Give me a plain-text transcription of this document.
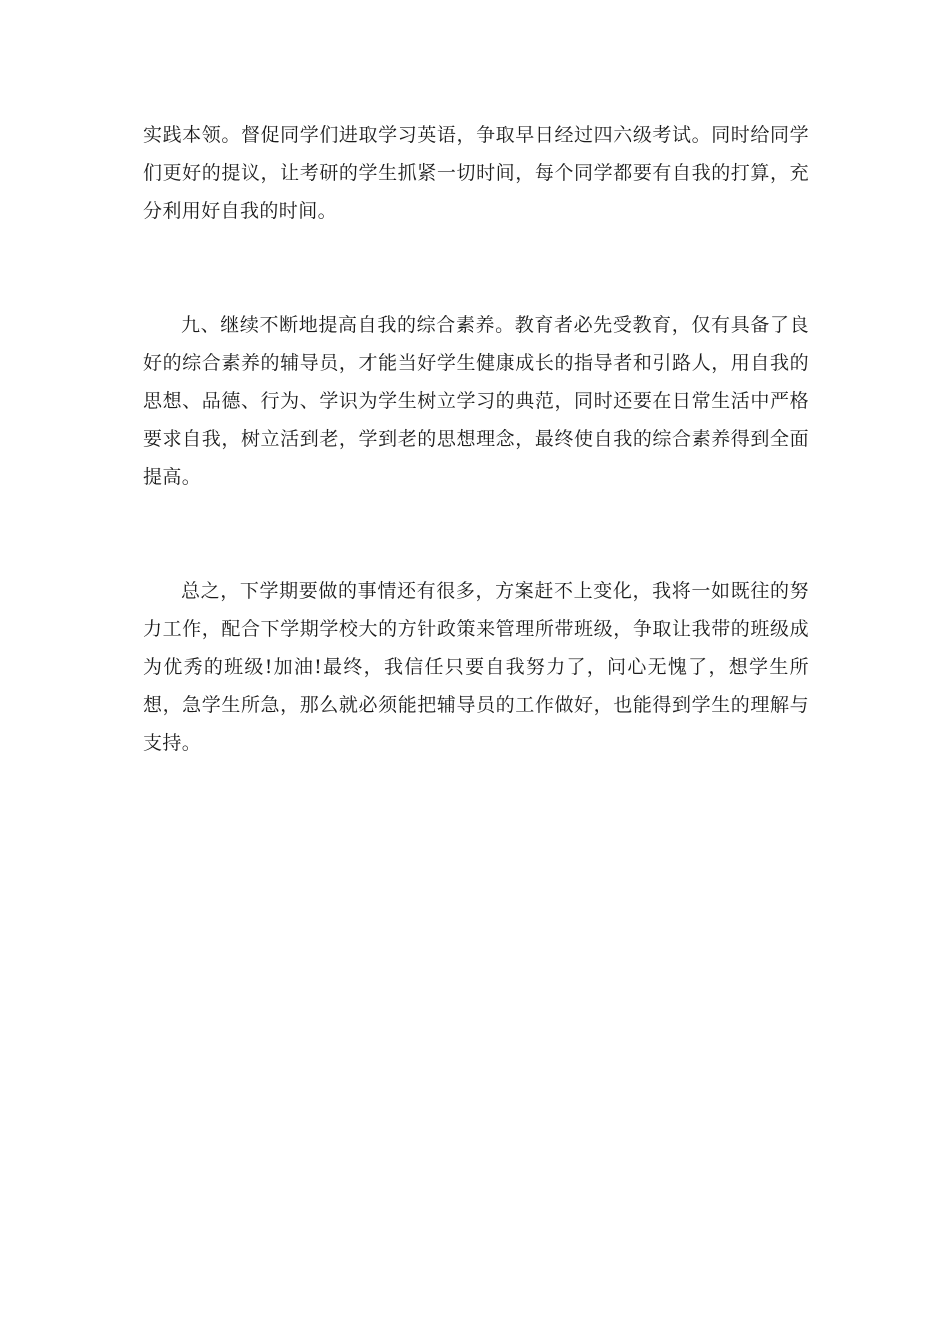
实践本领。督促同学们进取学习英语，争取早日经过四六级考试。同时给同学们更好的提议，让考研的学生抓紧一切时间，每个同学都要有自我的打算，充分利用好自我的时间。

九、继续不断地提高自我的综合素养。教育者必先受教育，仅有具备了良好的综合素养的辅导员，才能当好学生健康成长的指导者和引路人，用自我的思想、品德、行为、学识为学生树立学习的典范，同时还要在日常生活中严格要求自我，树立活到老，学到老的思想理念，最终使自我的综合素养得到全面提高。

总之，下学期要做的事情还有很多，方案赶不上变化，我将一如既往的努力工作，配合下学期学校大的方针政策来管理所带班级，争取让我带的班级成为优秀的班级!加油!最终，我信任只要自我努力了，问心无愧了，想学生所想，急学生所急，那么就必须能把辅导员的工作做好，也能得到学生的理解与支持。
